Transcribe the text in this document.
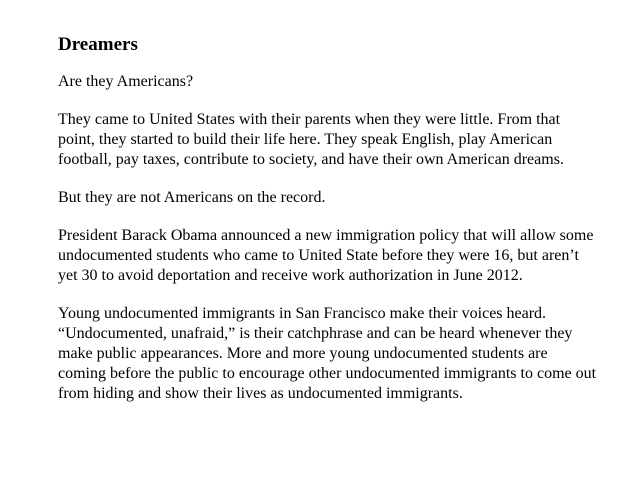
Dreamers

Are they Americans?

They came to United States with their parents when they were little. From that point, they started to build their life here. They speak English, play American football, pay taxes, contribute to society, and have their own American dreams.

But they are not Americans on the record.

President Barack Obama announced a new immigration policy that will allow some undocumented students who came to United State before they were 16, but aren’t yet 30 to avoid deportation and receive work authorization in June 2012.

Young undocumented immigrants in San Francisco make their voices heard. “Undocumented, unafraid,” is their catchphrase and can be heard whenever they make public appearances. More and more young undocumented students are coming before the public to encourage other undocumented immigrants to come out from hiding and show their lives as undocumented immigrants.
